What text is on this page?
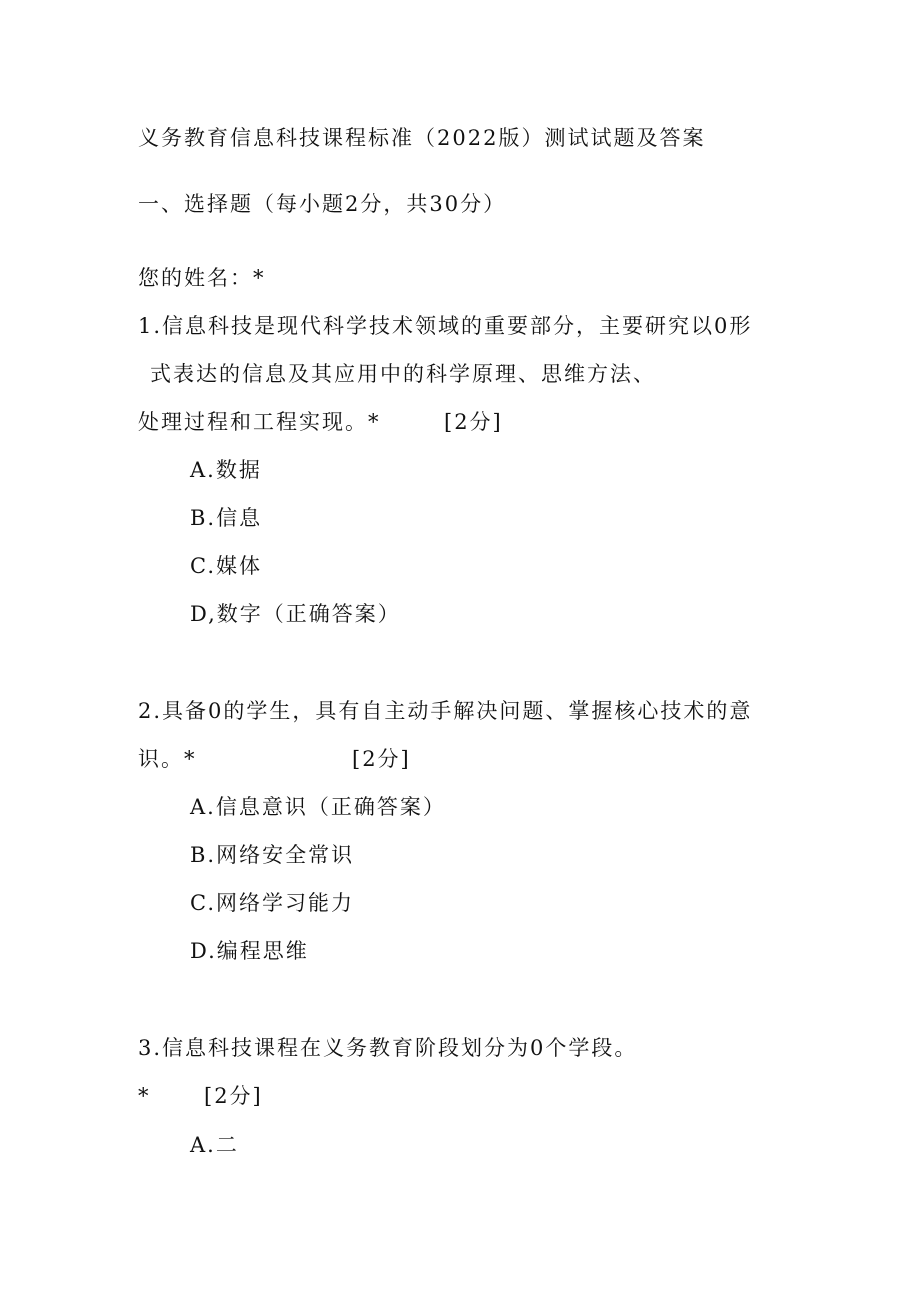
义务教育信息科技课程标准（2022版）测试试题及答案
一、选择题（每小题2分，共30分）
您的姓名：*
1.信息科技是现代科学技术领域的重要部分，主要研究以0形
式表达的信息及其应用中的科学原理、思维方法、
处理过程和工程实现。*	[2分]
A.数据
B.信息
C.媒体
D,数字（正确答案）
2.具备0的学生，具有自主动手解决问题、掌握核心技术的意
识。*	[2分]
A.信息意识（正确答案）
B.网络安全常识
C.网络学习能力
D.编程思维
3.信息科技课程在义务教育阶段划分为0个学段。
*	[2分]
A.二
